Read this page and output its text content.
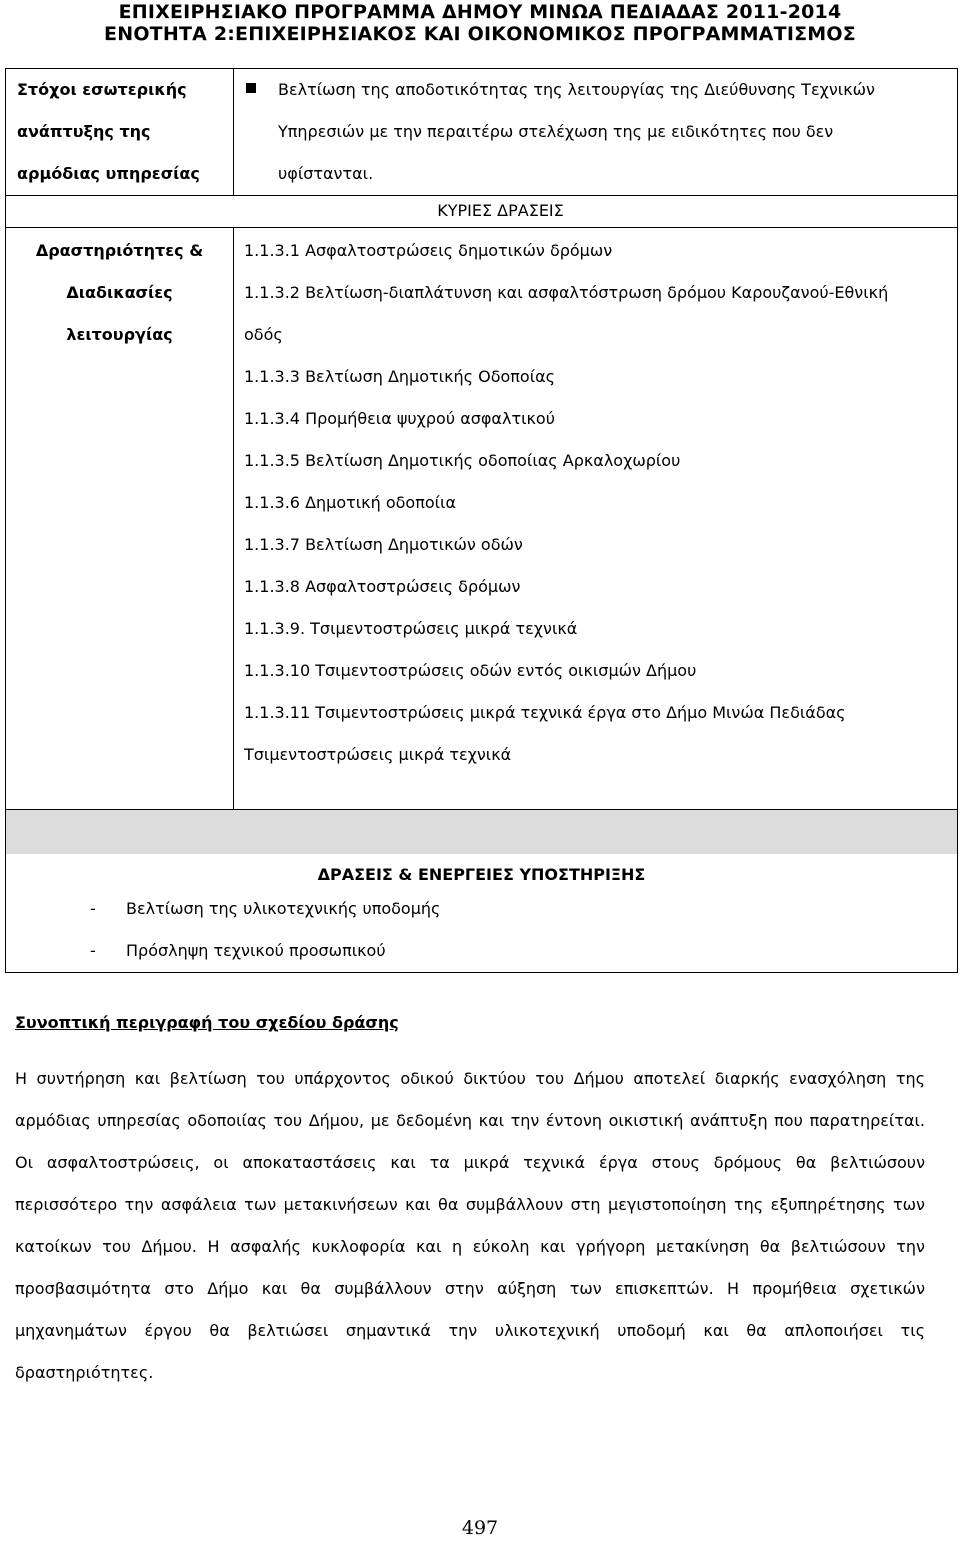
ΕΠΙΧΕΙΡΗΣΙΑΚΟ ΠΡΟΓΡΑΜΜΑ ΔΗΜΟΥ ΜΙΝΩΑ ΠΕΔΙΑΔΑΣ 2011-2014
ΕΝΟΤΗΤΑ 2:ΕΠΙΧΕΙΡΗΣΙΑΚΟΣ ΚΑΙ ΟΙΚΟΝΟΜΙΚΟΣ ΠΡΟΓΡΑΜΜΑΤΙΣΜΟΣ
Στόχοι εσωτερικής
ανάπτυξης της
αρμόδιας υπηρεσίας
Βελτίωση της αποδοτικότητας της λειτουργίας της Διεύθυνσης Τεχνικών
Υπηρεσιών με την περαιτέρω στελέχωση της με ειδικότητες που δεν
υφίστανται.
ΚΥΡΙΕΣ ΔΡΑΣΕΙΣ
Δραστηριότητες &
Διαδικασίες
λειτουργίας
1.1.3.1 Ασφαλτοστρώσεις δημοτικών δρόμων
1.1.3.2 Βελτίωση-διαπλάτυνση και ασφαλτόστρωση δρόμου Καρουζανού-Εθνική
οδός
1.1.3.3 Βελτίωση Δημοτικής Οδοποίας
1.1.3.4 Προμήθεια ψυχρού ασφαλτικού
1.1.3.5 Βελτίωση Δημοτικής οδοποίιας Αρκαλοχωρίου
1.1.3.6 Δημοτική οδοποίια
1.1.3.7 Βελτίωση Δημοτικών οδών
1.1.3.8 Ασφαλτοστρώσεις δρόμων
1.1.3.9. Τσιμεντοστρώσεις μικρά τεχνικά
1.1.3.10 Τσιμεντοστρώσεις οδών εντός οικισμών Δήμου
1.1.3.11 Τσιμεντοστρώσεις μικρά τεχνικά έργα στο Δήμο Μινώα Πεδιάδας
Τσιμεντοστρώσεις μικρά τεχνικά
ΔΡΑΣΕΙΣ & ΕΝΕΡΓΕΙΕΣ ΥΠΟΣΤΗΡΙΞΗΣ
- Βελτίωση της υλικοτεχνικής υποδομής
- Πρόσληψη τεχνικού προσωπικού
Συνοπτική περιγραφή του σχεδίου δράσης
Η συντήρηση και βελτίωση του υπάρχοντος οδικού δικτύου του Δήμου αποτελεί διαρκής ενασχόληση της αρμόδιας υπηρεσίας οδοποιίας του Δήμου, με δεδομένη και την έντονη οικιστική ανάπτυξη που παρατηρείται. Οι ασφαλτοστρώσεις, οι αποκαταστάσεις και τα μικρά τεχνικά έργα στους δρόμους θα βελτιώσουν περισσότερο την ασφάλεια των μετακινήσεων και θα συμβάλλουν στη μεγιστοποίηση της εξυπηρέτησης των κατοίκων του Δήμου. Η ασφαλής κυκλοφορία και η εύκολη και γρήγορη μετακίνηση θα βελτιώσουν την προσβασιμότητα στο Δήμο και θα συμβάλλουν στην αύξηση των επισκεπτών. Η προμήθεια σχετικών μηχανημάτων έργου θα βελτιώσει σημαντικά την υλικοτεχνική υποδομή και θα απλοποιήσει τις δραστηριότητες.
497
